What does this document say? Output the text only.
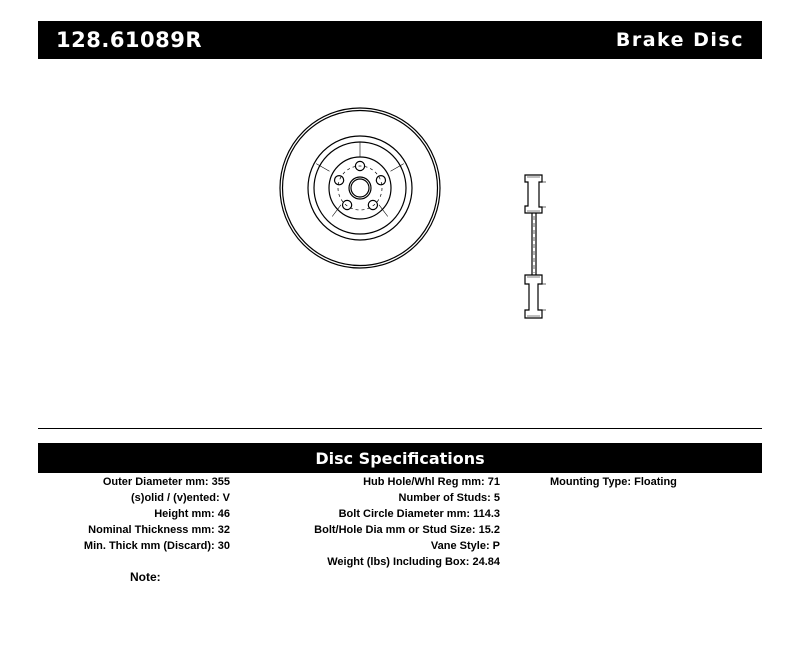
128.61089R	Brake Disc
Disc Specifications
Outer Diameter mm: 355
(s)olid / (v)ented: V
Height mm: 46
Nominal Thickness mm: 32
Min. Thick mm (Discard): 30
Hub Hole/Whl Reg mm: 71
Number of Studs: 5
Bolt Circle Diameter mm: 114.3
Bolt/Hole Dia mm or Stud Size: 15.2
Vane Style: P
Weight (lbs) Including Box: 24.84
Mounting Type: Floating
Note:
